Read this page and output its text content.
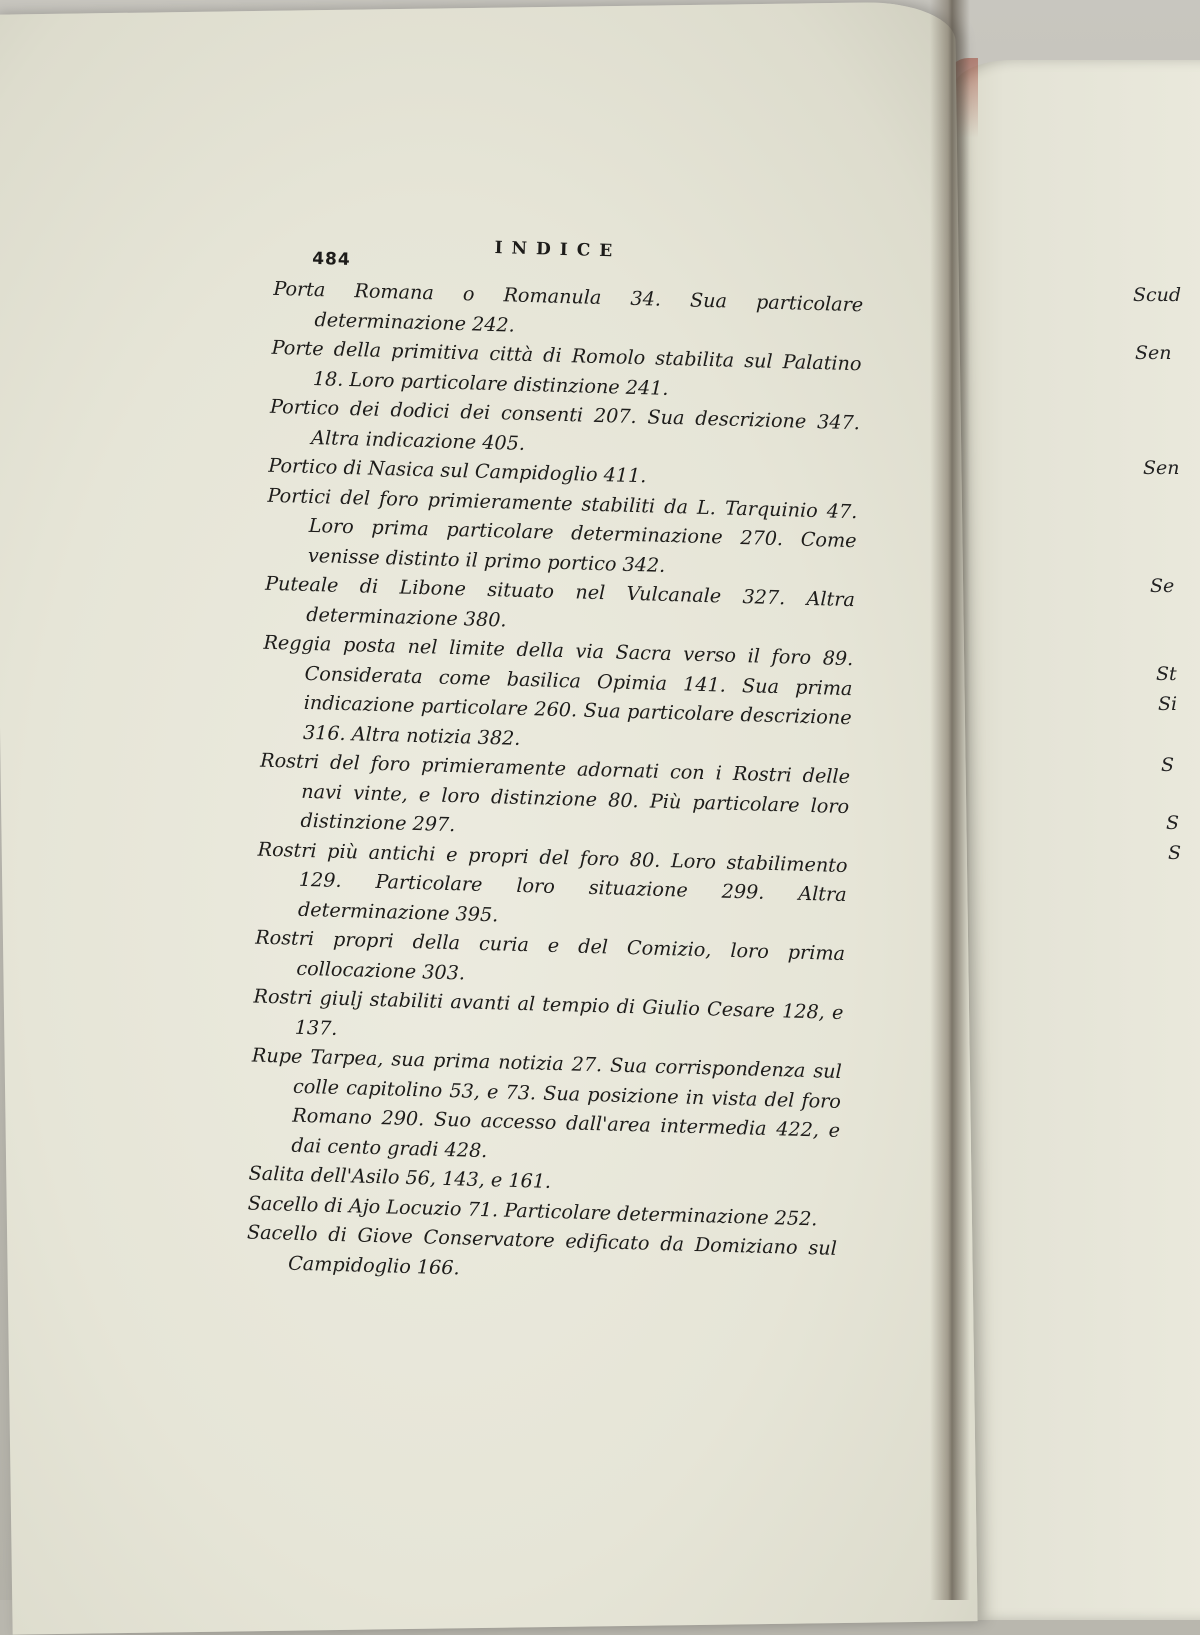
484	INDICE
Porta Romana o Romanula 34. Sua particolare determinazione 242.
Porte della primitiva città di Romolo stabilita sul Palatino 18. Loro particolare distinzione 241.
Portico dei dodici dei consenti 207. Sua descrizione 347. Altra indicazione 405.
Portico di Nasica sul Campidoglio 411.
Portici del foro primieramente stabiliti da L. Tarquinio 47. Loro prima particolare determinazione 270. Come venisse distinto il primo portico 342.
Puteale di Libone situato nel Vulcanale 327. Altra determinazione 380.
Reggia posta nel limite della via Sacra verso il foro 89. Considerata come basilica Opimia 141. Sua prima indicazione particolare 260. Sua particolare descrizione 316. Altra notizia 382.
Rostri del foro primieramente adornati con i Rostri delle navi vinte, e loro distinzione 80. Più particolare loro distinzione 297.
Rostri più antichi e propri del foro 80. Loro stabilimento 129. Particolare loro situazione 299. Altra determinazione 395.
Rostri propri della curia e del Comizio, loro prima collocazione 303.
Rostri giulj stabiliti avanti al tempio di Giulio Cesare 128, e 137.
Rupe Tarpea, sua prima notizia 27. Sua corrispondenza sul colle capitolino 53, e 73. Sua posizione in vista del foro Romano 290. Suo accesso dall'area intermedia 422, e dai cento gradi 428.
Salita dell'Asilo 56, 143, e 161.
Sacello di Ajo Locuzio 71. Particolare determinazione 252.
Sacello di Giove Conservatore edificato da Domiziano sul Campidoglio 166.
Scud
Sen
Sen
Se
St
Si
S
S
S
